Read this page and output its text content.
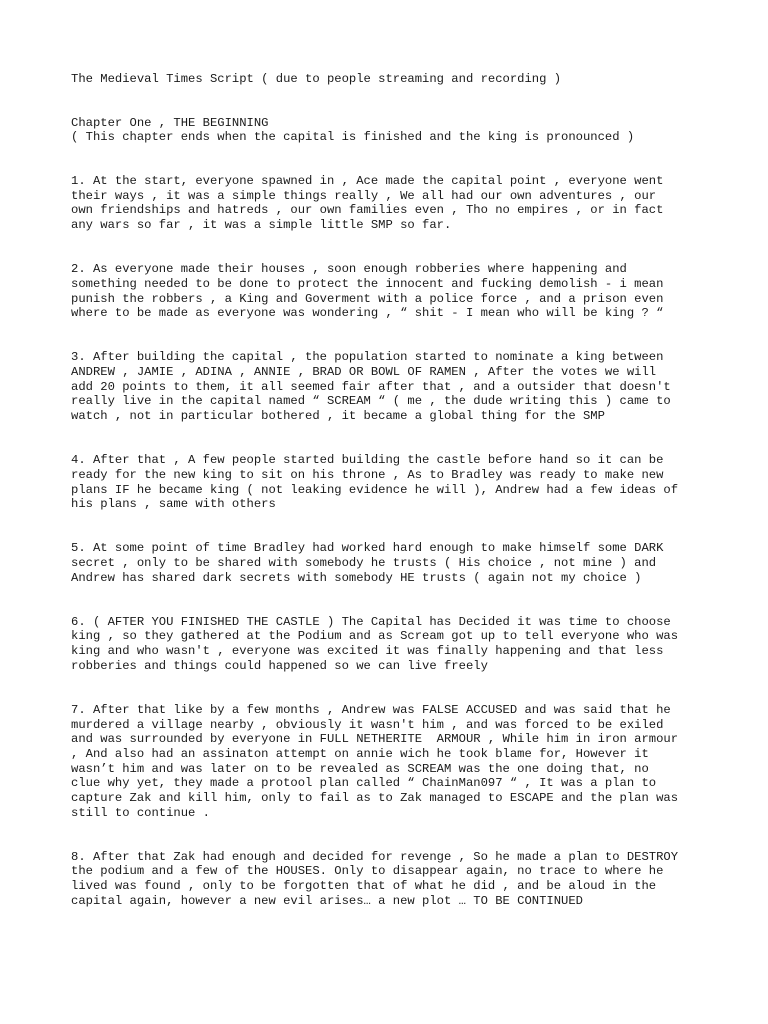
The Medieval Times Script ( due to people streaming and recording )
Chapter One , THE BEGINNING
( This chapter ends when the capital is finished and the king is pronounced )
1. At the start, everyone spawned in , Ace made the capital point , everyone went
their ways , it was a simple things really , We all had our own adventures , our
own friendships and hatreds , our own families even , Tho no empires , or in fact
any wars so far , it was a simple little SMP so far.
2. As everyone made their houses , soon enough robberies where happening and
something needed to be done to protect the innocent and fucking demolish - i mean
punish the robbers , a King and Goverment with a police force , and a prison even
where to be made as everyone was wondering , “ shit - I mean who will be king ? “
3. After building the capital , the population started to nominate a king between
ANDREW , JAMIE , ADINA , ANNIE , BRAD OR BOWL OF RAMEN , After the votes we will
add 20 points to them, it all seemed fair after that , and a outsider that doesn't
really live in the capital named “ SCREAM “ ( me , the dude writing this ) came to
watch , not in particular bothered , it became a global thing for the SMP
4. After that , A few people started building the castle before hand so it can be
ready for the new king to sit on his throne , As to Bradley was ready to make new
plans IF he became king ( not leaking evidence he will ), Andrew had a few ideas of
his plans , same with others
5. At some point of time Bradley had worked hard enough to make himself some DARK
secret , only to be shared with somebody he trusts ( His choice , not mine ) and
Andrew has shared dark secrets with somebody HE trusts ( again not my choice )
6. ( AFTER YOU FINISHED THE CASTLE ) The Capital has Decided it was time to choose
king , so they gathered at the Podium and as Scream got up to tell everyone who was
king and who wasn't , everyone was excited it was finally happening and that less
robberies and things could happened so we can live freely
7. After that like by a few months , Andrew was FALSE ACCUSED and was said that he
murdered a village nearby , obviously it wasn't him , and was forced to be exiled
and was surrounded by everyone in FULL NETHERITE  ARMOUR , While him in iron armour
, And also had an assinaton attempt on annie wich he took blame for, However it
wasn’t him and was later on to be revealed as SCREAM was the one doing that, no
clue why yet, they made a protool plan called “ ChainMan097 “ , It was a plan to
capture Zak and kill him, only to fail as to Zak managed to ESCAPE and the plan was
still to continue .
8. After that Zak had enough and decided for revenge , So he made a plan to DESTROY
the podium and a few of the HOUSES. Only to disappear again, no trace to where he
lived was found , only to be forgotten that of what he did , and be aloud in the
capital again, however a new evil arises… a new plot … TO BE CONTINUED
